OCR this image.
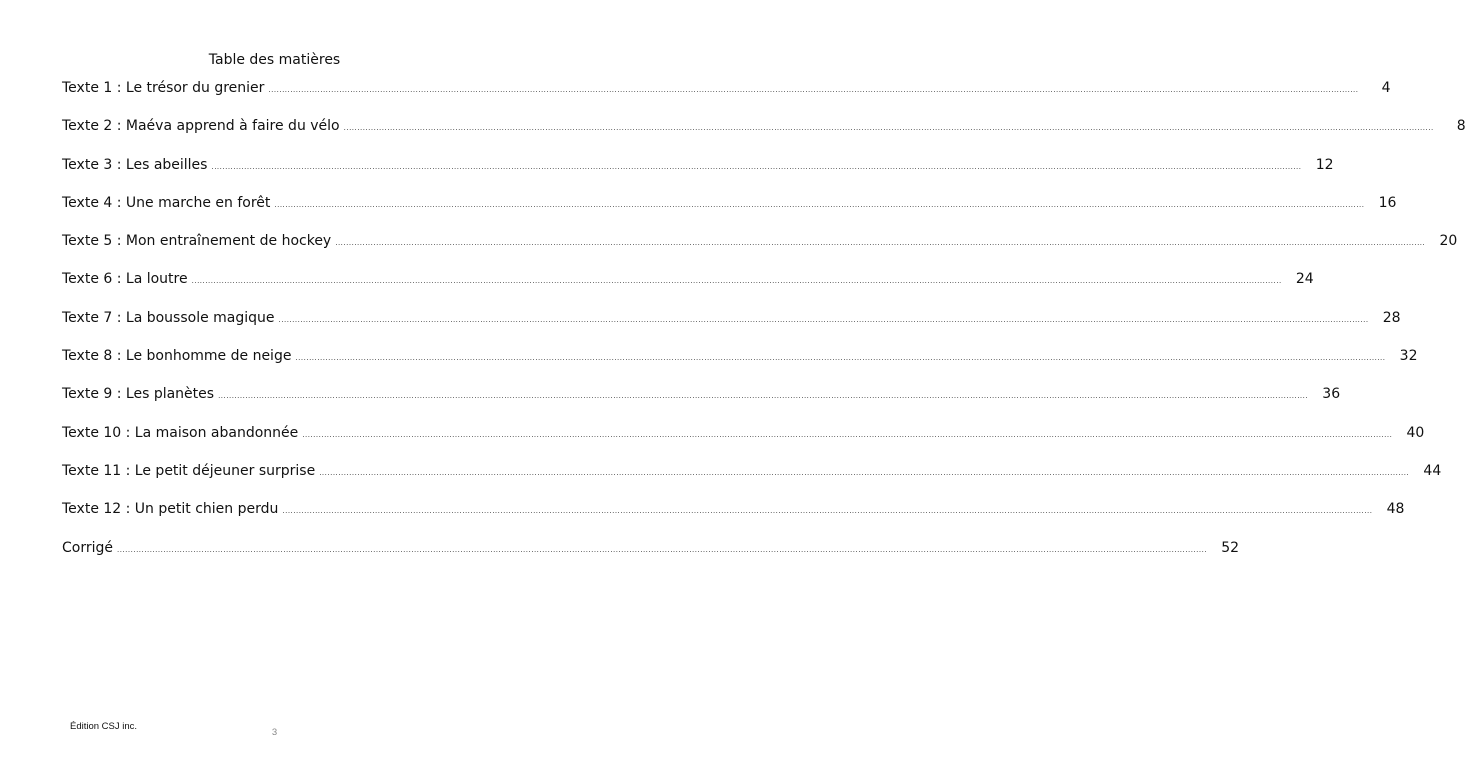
Table des matières
Texte 1 : Le trésor du grenier ................................................................................................................................................................................................................................................................................................................................................................................................................	4
Texte 2 : Maéva apprend à faire du vélo ................................................................................................................................................................................................................................................................................................................................................................................................................	8
Texte 3 : Les abeilles ................................................................................................................................................................................................................................................................................................................................................................................................................	12
Texte 4 : Une marche en forêt ................................................................................................................................................................................................................................................................................................................................................................................................................	16
Texte 5 : Mon entraînement de hockey ................................................................................................................................................................................................................................................................................................................................................................................................................	20
Texte 6 : La loutre ................................................................................................................................................................................................................................................................................................................................................................................................................	24
Texte 7 : La boussole magique ................................................................................................................................................................................................................................................................................................................................................................................................................	28
Texte 8 : Le bonhomme de neige ................................................................................................................................................................................................................................................................................................................................................................................................................	32
Texte 9 : Les planètes ................................................................................................................................................................................................................................................................................................................................................................................................................	36
Texte 10 : La maison abandonnée ................................................................................................................................................................................................................................................................................................................................................................................................................	40
Texte 11 : Le petit déjeuner surprise ................................................................................................................................................................................................................................................................................................................................................................................................................	44
Texte 12 : Un petit chien perdu ................................................................................................................................................................................................................................................................................................................................................................................................................	48
Corrigé ................................................................................................................................................................................................................................................................................................................................................................................................................	52
Édition CSJ inc.
3
